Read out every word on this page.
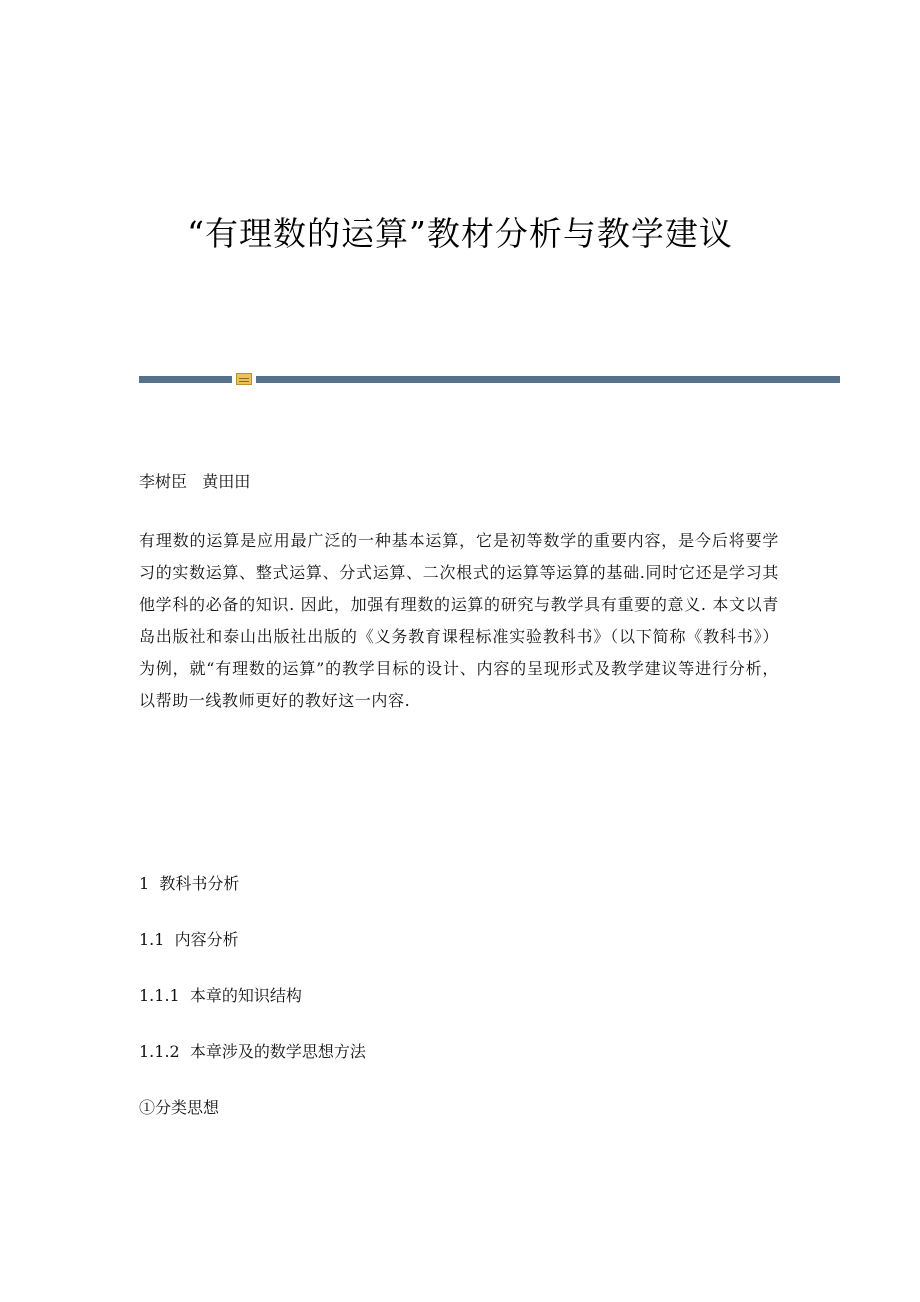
“有理数的运算”教材分析与教学建议
李树臣   黄田田
有理数的运算是应用最广泛的一种基本运算，它是初等数学的重要内容，是今后将要学习的实数运算、整式运算、分式运算、二次根式的运算等运算的基础.同时它还是学习其他学科的必备的知识. 因此，加强有理数的运算的研究与教学具有重要的意义. 本文以青岛出版社和泰山出版社出版的《义务教育课程标准实验教科书》（以下简称《教科书》）为例，就“有理数的运算”的教学目标的设计、内容的呈现形式及教学建议等进行分析，以帮助一线教师更好的教好这一内容.
1  教科书分析
1.1  内容分析
1.1.1  本章的知识结构
1.1.2  本章涉及的数学思想方法
①分类思想
